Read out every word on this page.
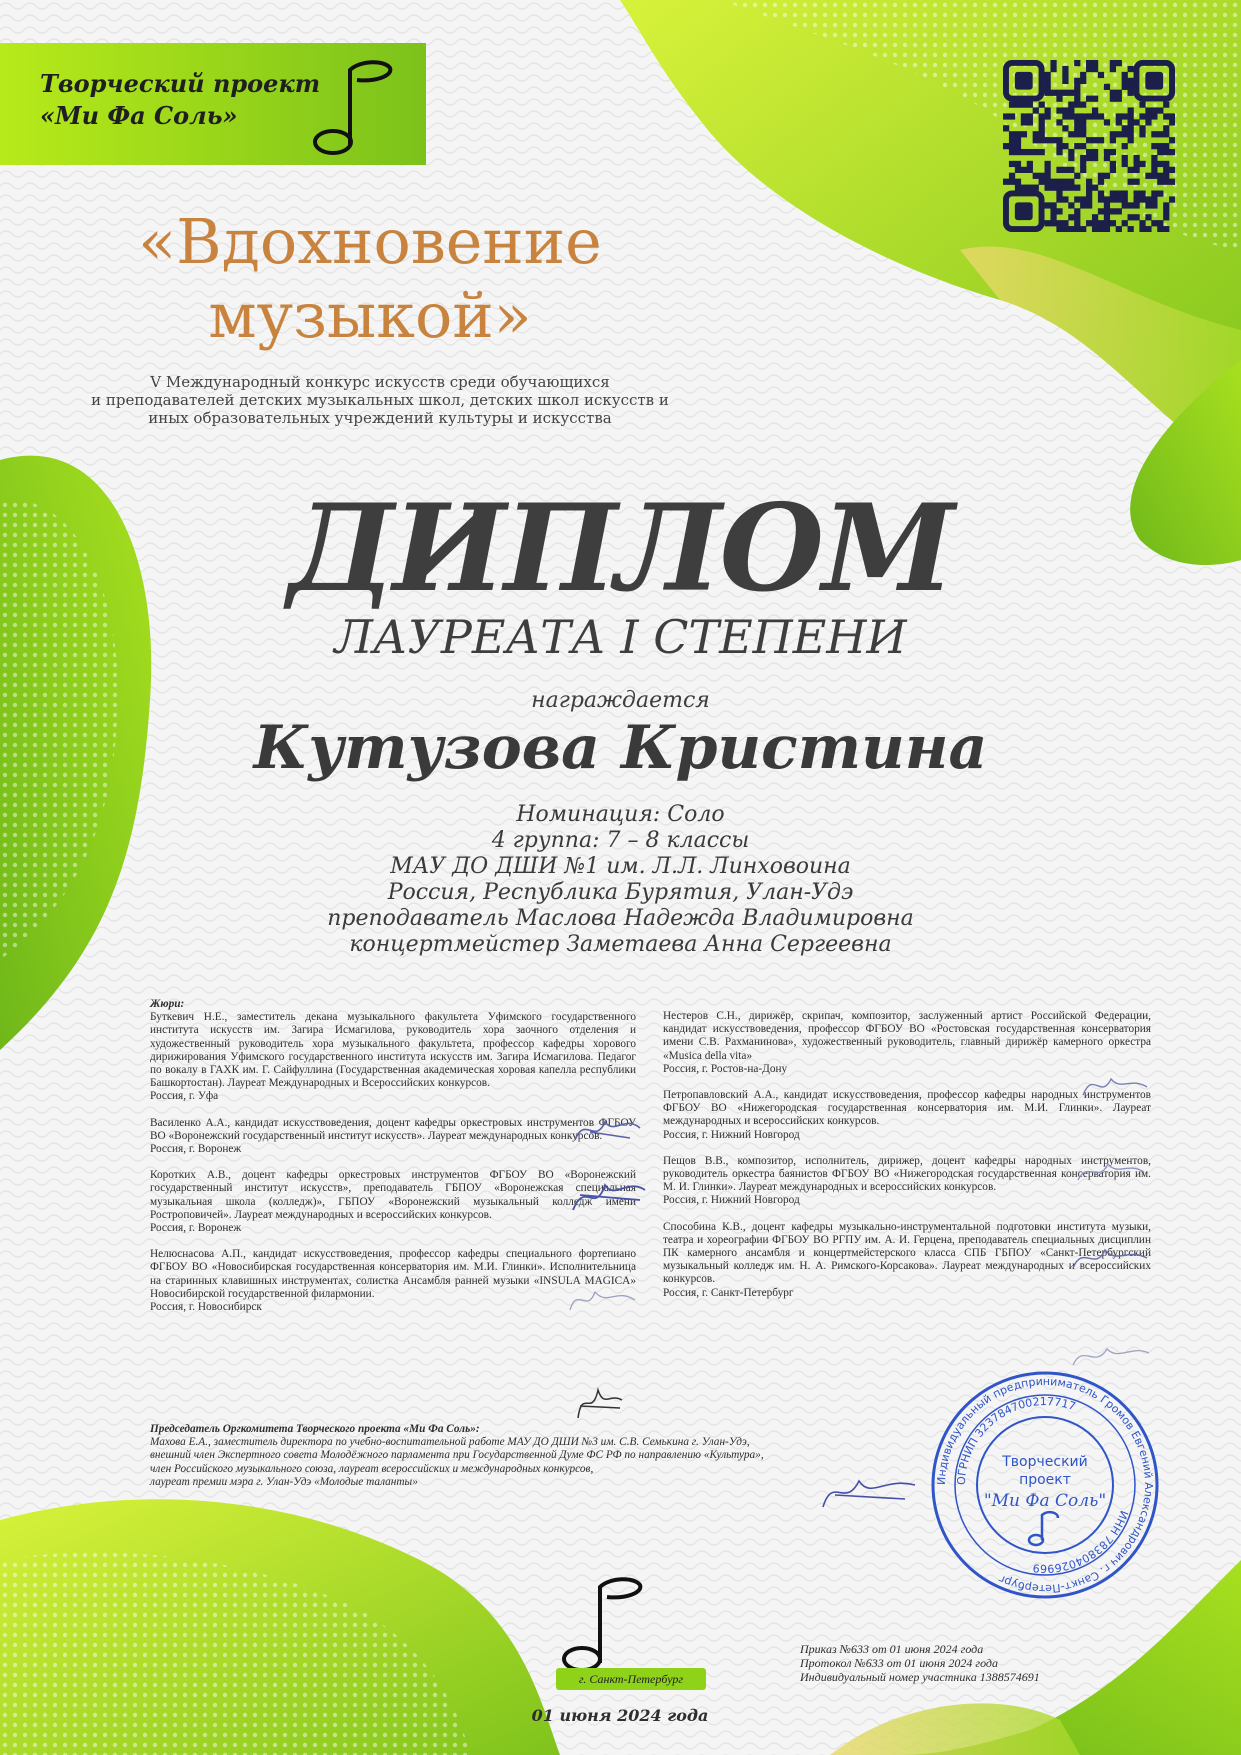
Творческий проект
«Ми Фа Соль»
«Вдохновение музыкой»
V Международный конкурс искусств среди обучающихся
и преподавателей детских музыкальных школ, детских школ искусств и
иных образовательных учреждений культуры и искусства
ДИПЛОМ
ЛАУРЕАТА I СТЕПЕНИ
награждается
Кутузова Кристина
Номинация: Соло
4 группа: 7 – 8 классы
МАУ ДО ДШИ №1 им. Л.Л. Линховоина
Россия, Республика Бурятия, Улан-Удэ
преподаватель Маслова Надежда Владимировна
концертмейстер Заметаева Анна Сергеевна
Жюри:

Буткевич Н.Е., заместитель декана музыкального факультета Уфимского государственного института искусств им. Загира Исмагилова, руководитель хора заочного отделения и художественный руководитель хора музыкального факультета, профессор кафедры хорового дирижирования Уфимского государственного института искусств им. Загира Исмагилова. Педагог по вокалу в ГАХК им. Г. Сайфуллина (Государственная академическая хоровая капелла республики Башкортостан). Лауреат Международных и Всероссийских конкурсов.
Россия, г. Уфа

Василенко А.А., кандидат искусствоведения, доцент кафедры оркестровых инструментов ФГБОУ ВО «Воронежский государственный институт искусств». Лауреат международных конкурсов.
Россия, г. Воронеж

Коротких А.В., доцент кафедры оркестровых инструментов ФГБОУ ВО «Воронежский государственный институт искусств», преподаватель ГБПОУ «Воронежская специальная музыкальная школа (колледж)», ГБПОУ «Воронежский музыкальный колледж имени Ростроповичей». Лауреат международных и всероссийских конкурсов.
Россия, г. Воронеж

Нелюснасова А.П., кандидат искусствоведения, профессор кафедры специального фортепиано ФГБОУ ВО «Новосибирская государственная консерватория им. М.И. Глинки». Исполнительница на старинных клавишных инструментах, солистка Ансамбля ранней музыки «INSULA MAGICA» Новосибирской государственной филармонии.
Россия, г. Новосибирск

Нестеров С.Н., дирижёр, скрипач, композитор, заслуженный артист Российской Федерации, кандидат искусствоведения, профессор ФГБОУ ВО «Ростовская государственная консерватория имени С.В. Рахманинова», художественный руководитель, главный дирижёр камерного оркестра «Musica della vita»
Россия, г. Ростов-на-Дону

Петропавловский А.А., кандидат искусствоведения, профессор кафедры народных инструментов ФГБОУ ВО «Нижегородская государственная консерватория им. М.И. Глинки». Лауреат международных и всероссийских конкурсов.
Россия, г. Нижний Новгород

Пещов В.В., композитор, исполнитель, дирижер, доцент кафедры народных инструментов, руководитель оркестра баянистов ФГБОУ ВО «Нижегородская государственная консерватория им. М. И. Глинки». Лауреат международных и всероссийских конкурсов.
Россия, г. Нижний Новгород

Способина К.В., доцент кафедры музыкально-инструментальной подготовки института музыки, театра и хореографии ФГБОУ ВО РГПУ им. А. И. Герцена, преподаватель специальных дисциплин ПК камерного ансамбля и концертмейстерского класса СПБ ГБПОУ «Санкт-Петербургский музыкальный колледж им. Н. А. Римского-Корсакова». Лауреат международных и всероссийских конкурсов.
Россия, г. Санкт-Петербург

Председатель Оргкомитета Творческого проекта «Ми Фа Соль»:
Махова Е.А., заместитель директора по учебно-воспитательной работе МАУ ДО ДШИ №3 им. С.В. Семькина г. Улан-Удэ,
внешний член Экспертного совета Молодёжного парламента при Государственной Думе ФС РФ по направлению «Культура»,
член Российского музыкального союза, лауреат всероссийских и международных конкурсов,
лауреат премии мэра г. Улан-Удэ «Молодые таланты»	Индивидуальный предприниматель Громов Евгений Александрович г. Санкт-Петербург
ОГРНИП 323784700217717
ИНН 783804026969
Творческий
проект
"Ми Фа Соль"
г. Санкт-Петербург
01 июня 2024 года
Приказ №633 от 01 июня 2024 года
Протокол №633 от 01 июня 2024 года
Индивидуальный номер участника 1388574691
